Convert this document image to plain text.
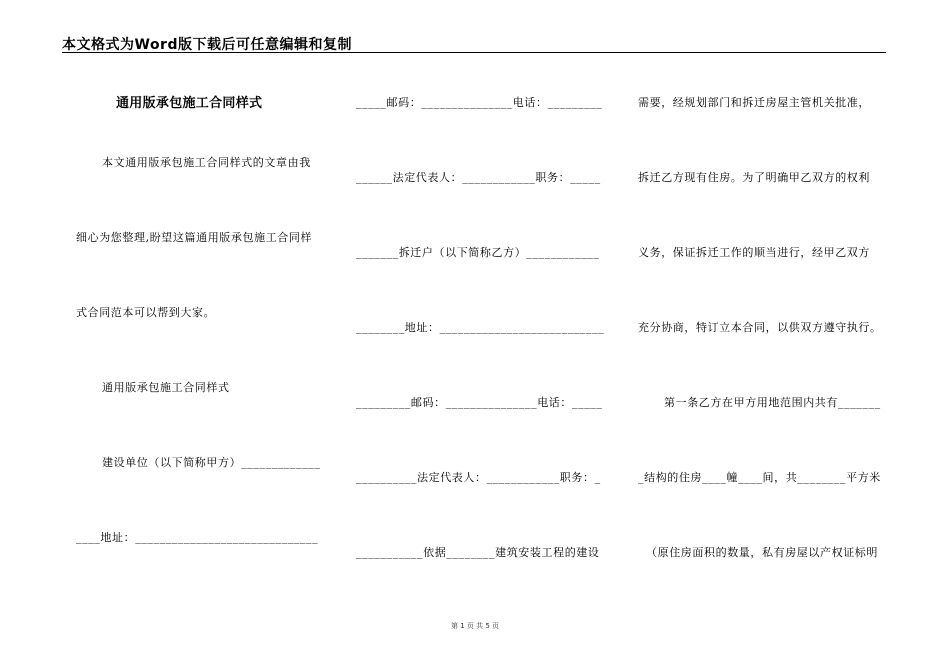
本文格式为Word版下载后可任意编辑和复制
通用版承包施工合同样式
本文通用版承包施工合同样式的文章由我
细心为您整理,盼望这篇通用版承包施工合同样
式合同范本可以帮到大家。
通用版承包施工合同样式
建设单位（以下简称甲方）_____________
____地址：______________________________
_____邮码：_______________电话：_________
______法定代表人：____________职务：_____
_______拆迁户（以下简称乙方）____________
________地址：___________________________
_________邮码：_______________电话：_____
__________法定代表人：____________职务：_
___________依据________建筑安装工程的建设
需要，经规划部门和拆迁房屋主管机关批准，
拆迁乙方现有住房。为了明确甲乙双方的权利
义务，保证拆迁工作的顺当进行，经甲乙双方
充分协商，特订立本合同，以供双方遵守执行。
第一条乙方在甲方用地范围内共有_______
_结构的住房____幢____间，共________平方米
（原住房面积的数量，私有房屋以产权证标明
第 1 页 共 5 页
